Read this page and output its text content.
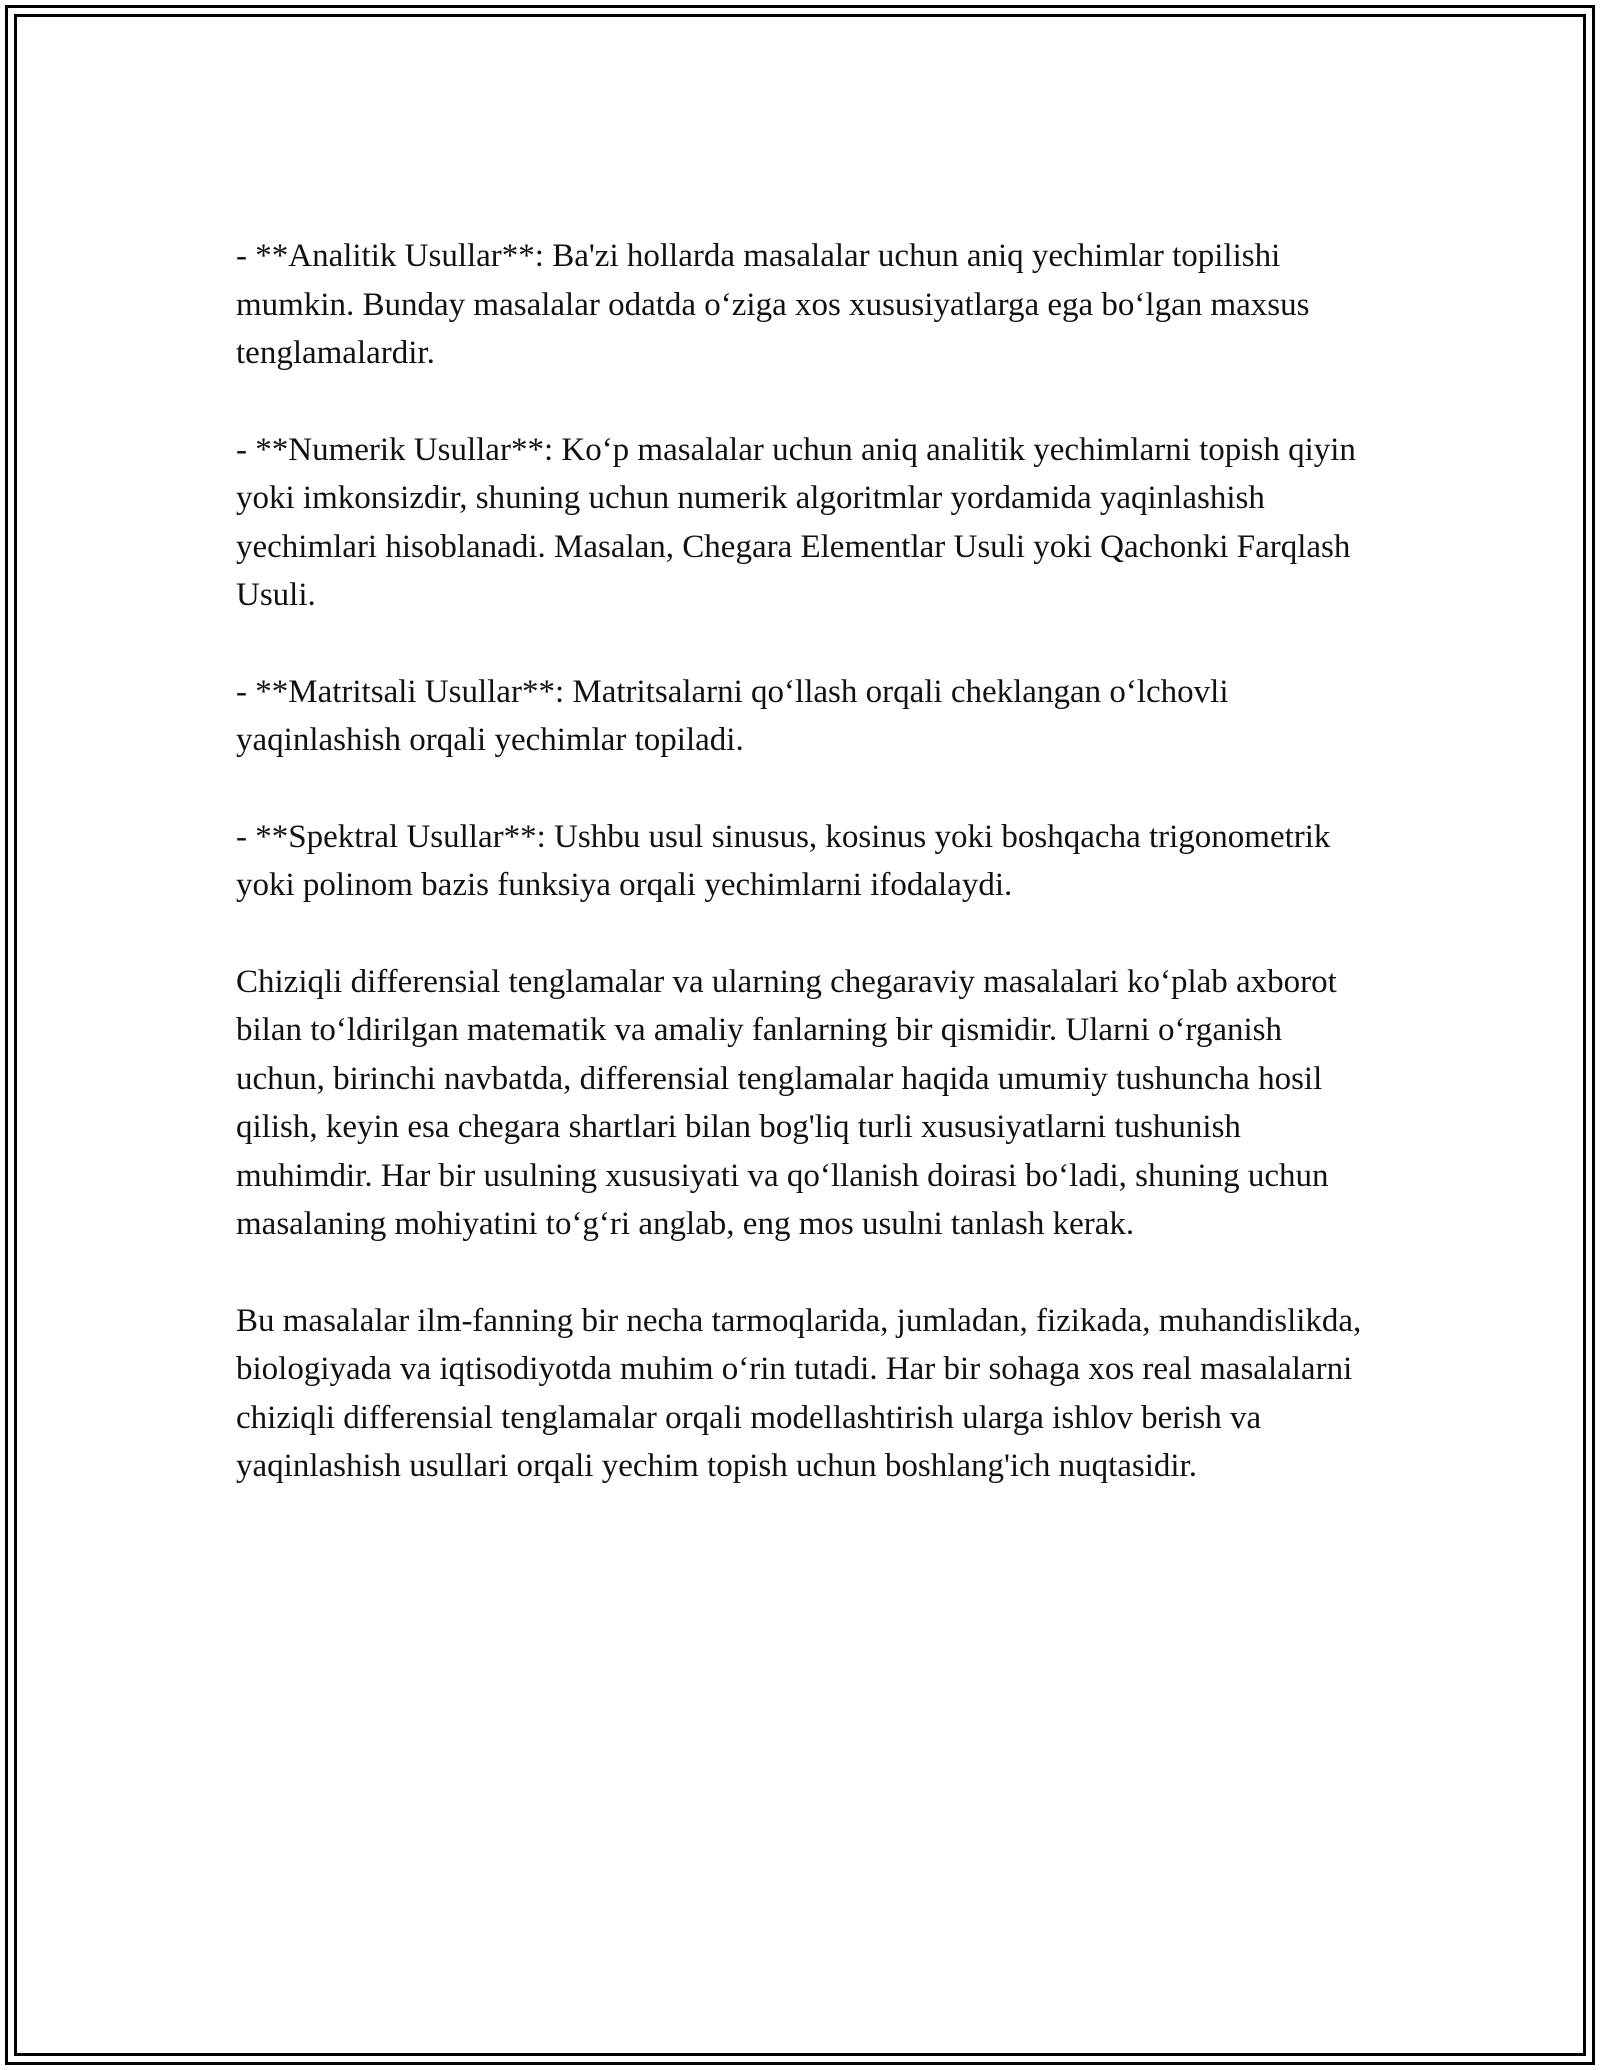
- **Analitik Usullar**: Ba'zi hollarda masalalar uchun aniq yechimlar topilishi mumkin. Bunday masalalar odatda o‘ziga xos xususiyatlarga ega bo‘lgan maxsus tenglamalardir.

- **Numerik Usullar**: Ko‘p masalalar uchun aniq analitik yechimlarni topish qiyin yoki imkonsizdir, shuning uchun numerik algoritmlar yordamida yaqinlashish yechimlari hisoblanadi. Masalan, Chegara Elementlar Usuli yoki Qachonki Farqlash Usuli.

- **Matritsali Usullar**: Matritsalarni qo‘llash orqali cheklangan o‘lchovli yaqinlashish orqali yechimlar topiladi.

- **Spektral Usullar**: Ushbu usul sinusus, kosinus yoki boshqacha trigonometrik yoki polinom bazis funksiya orqali yechimlarni ifodalaydi.

Chiziqli differensial tenglamalar va ularning chegaraviy masalalari ko‘plab axborot bilan to‘ldirilgan matematik va amaliy fanlarning bir qismidir. Ularni o‘rganish uchun, birinchi navbatda, differensial tenglamalar haqida umumiy tushuncha hosil qilish, keyin esa chegara shartlari bilan bog'liq turli xususiyatlarni tushunish muhimdir. Har bir usulning xususiyati va qo‘llanish doirasi bo‘ladi, shuning uchun masalaning mohiyatini to‘g‘ri anglab, eng mos usulni tanlash kerak.

Bu masalalar ilm-fanning bir necha tarmoqlarida, jumladan, fizikada, muhandislikda, biologiyada va iqtisodiyotda muhim o‘rin tutadi. Har bir sohaga xos real masalalarni chiziqli differensial tenglamalar orqali modellashtirish ularga ishlov berish va yaqinlashish usullari orqali yechim topish uchun boshlang'ich nuqtasidir.
